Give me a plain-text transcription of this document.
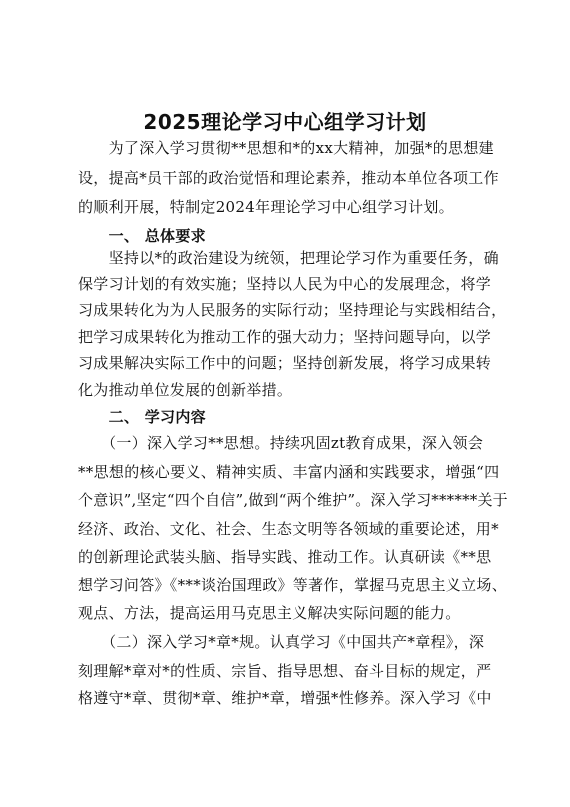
2025理论学习中心组学习计划
　　为了深入学习贯彻**思想和*的xx大精神，加强*的思想建
设，提高*员干部的政治觉悟和理论素养，推动本单位各项工作
的顺利开展，特制定2024年理论学习中心组学习计划。
　　一、 总体要求
　　坚持以*的政治建设为统领，把理论学习作为重要任务，确
保学习计划的有效实施；坚持以人民为中心的发展理念，将学
习成果转化为为人民服务的实际行动；坚持理论与实践相结合，
把学习成果转化为推动工作的强大动力；坚持问题导向，以学
习成果解决实际工作中的问题；坚持创新发展，将学习成果转
化为推动单位发展的创新举措。
　　二、 学习内容
　　（一）深入学习**思想。持续巩固zt教育成果，深入领会
**思想的核心要义、精神实质、丰富内涵和实践要求，增强“四
个意识”,坚定“四个自信”,做到“两个维护”。深入学习******关于
经济、政治、文化、社会、生态文明等各领域的重要论述，用*
的创新理论武装头脑、指导实践、推动工作。认真研读《**思
想学习问答》《***谈治国理政》等著作，掌握马克思主义立场、
观点、方法，提高运用马克思主义解决实际问题的能力。
　　（二）深入学习*章*规。认真学习《中国共产*章程》，深
刻理解*章对*的性质、宗旨、指导思想、奋斗目标的规定，严
格遵守*章、贯彻*章、维护*章，增强*性修养。深入学习《中
